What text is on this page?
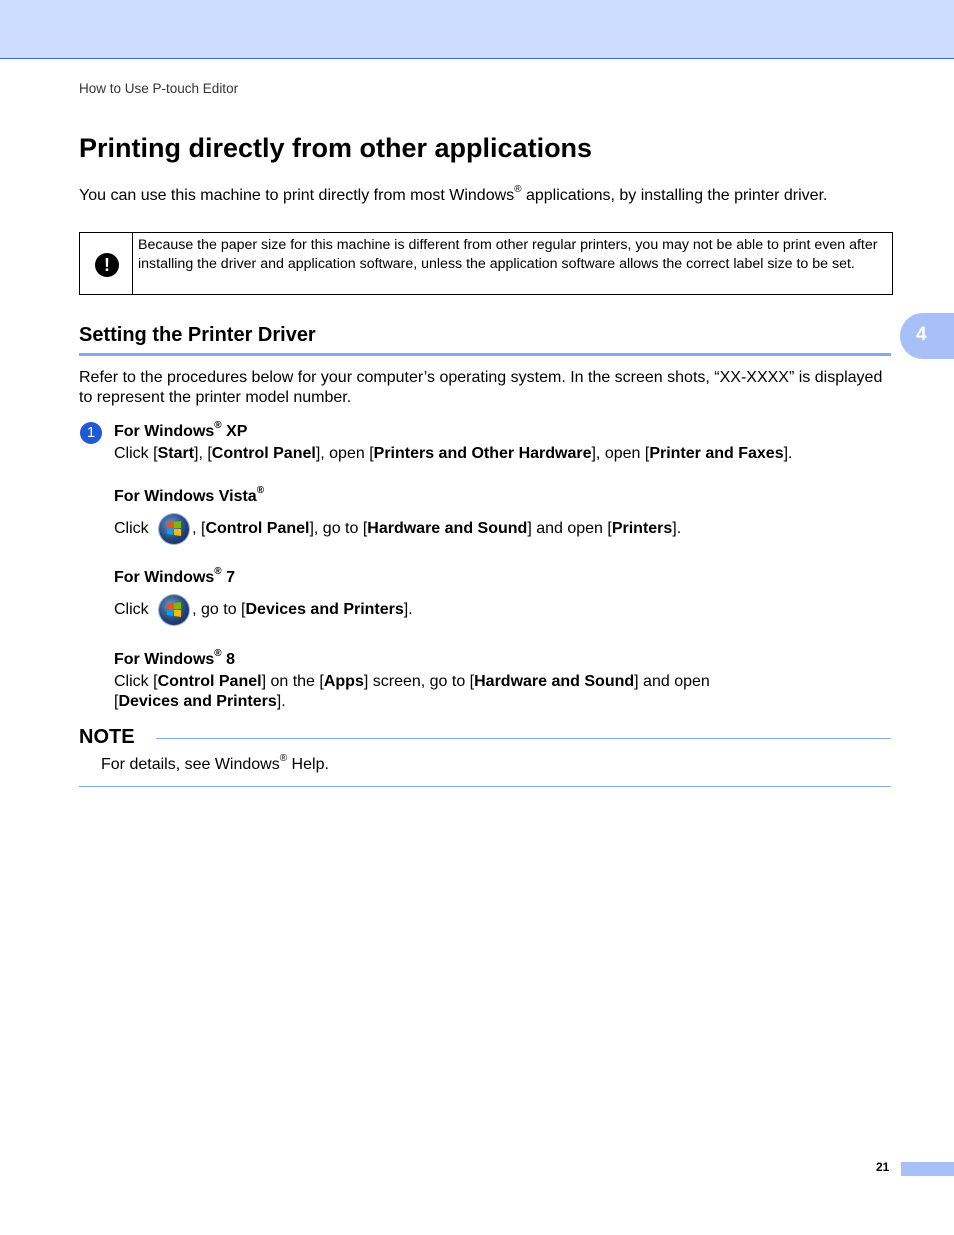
How to Use P-touch Editor
Printing directly from other applications
You can use this machine to print directly from most Windows® applications, by installing the printer driver.
!
Because the paper size for this machine is different from other regular printers, you may not be able to print even after installing the driver and application software, unless the application software allows the correct label size to be set.
Setting the Printer Driver	4
Refer to the procedures below for your computer’s operating system. In the screen shots, “XX-XXXX” is displayed to represent the printer model number.
1	For Windows® XP
Click [Start], [Control Panel], open [Printers and Other Hardware], open [Printer and Faxes].
For Windows Vista®
Click
, [Control Panel], go to [Hardware and Sound] and open [Printers].
For Windows® 7
Click
, go to [Devices and Printers].
For Windows® 8
Click [Control Panel] on the [Apps] screen, go to [Hardware and Sound] and open
[Devices and Printers].
NOTE
For details, see Windows® Help.
21
